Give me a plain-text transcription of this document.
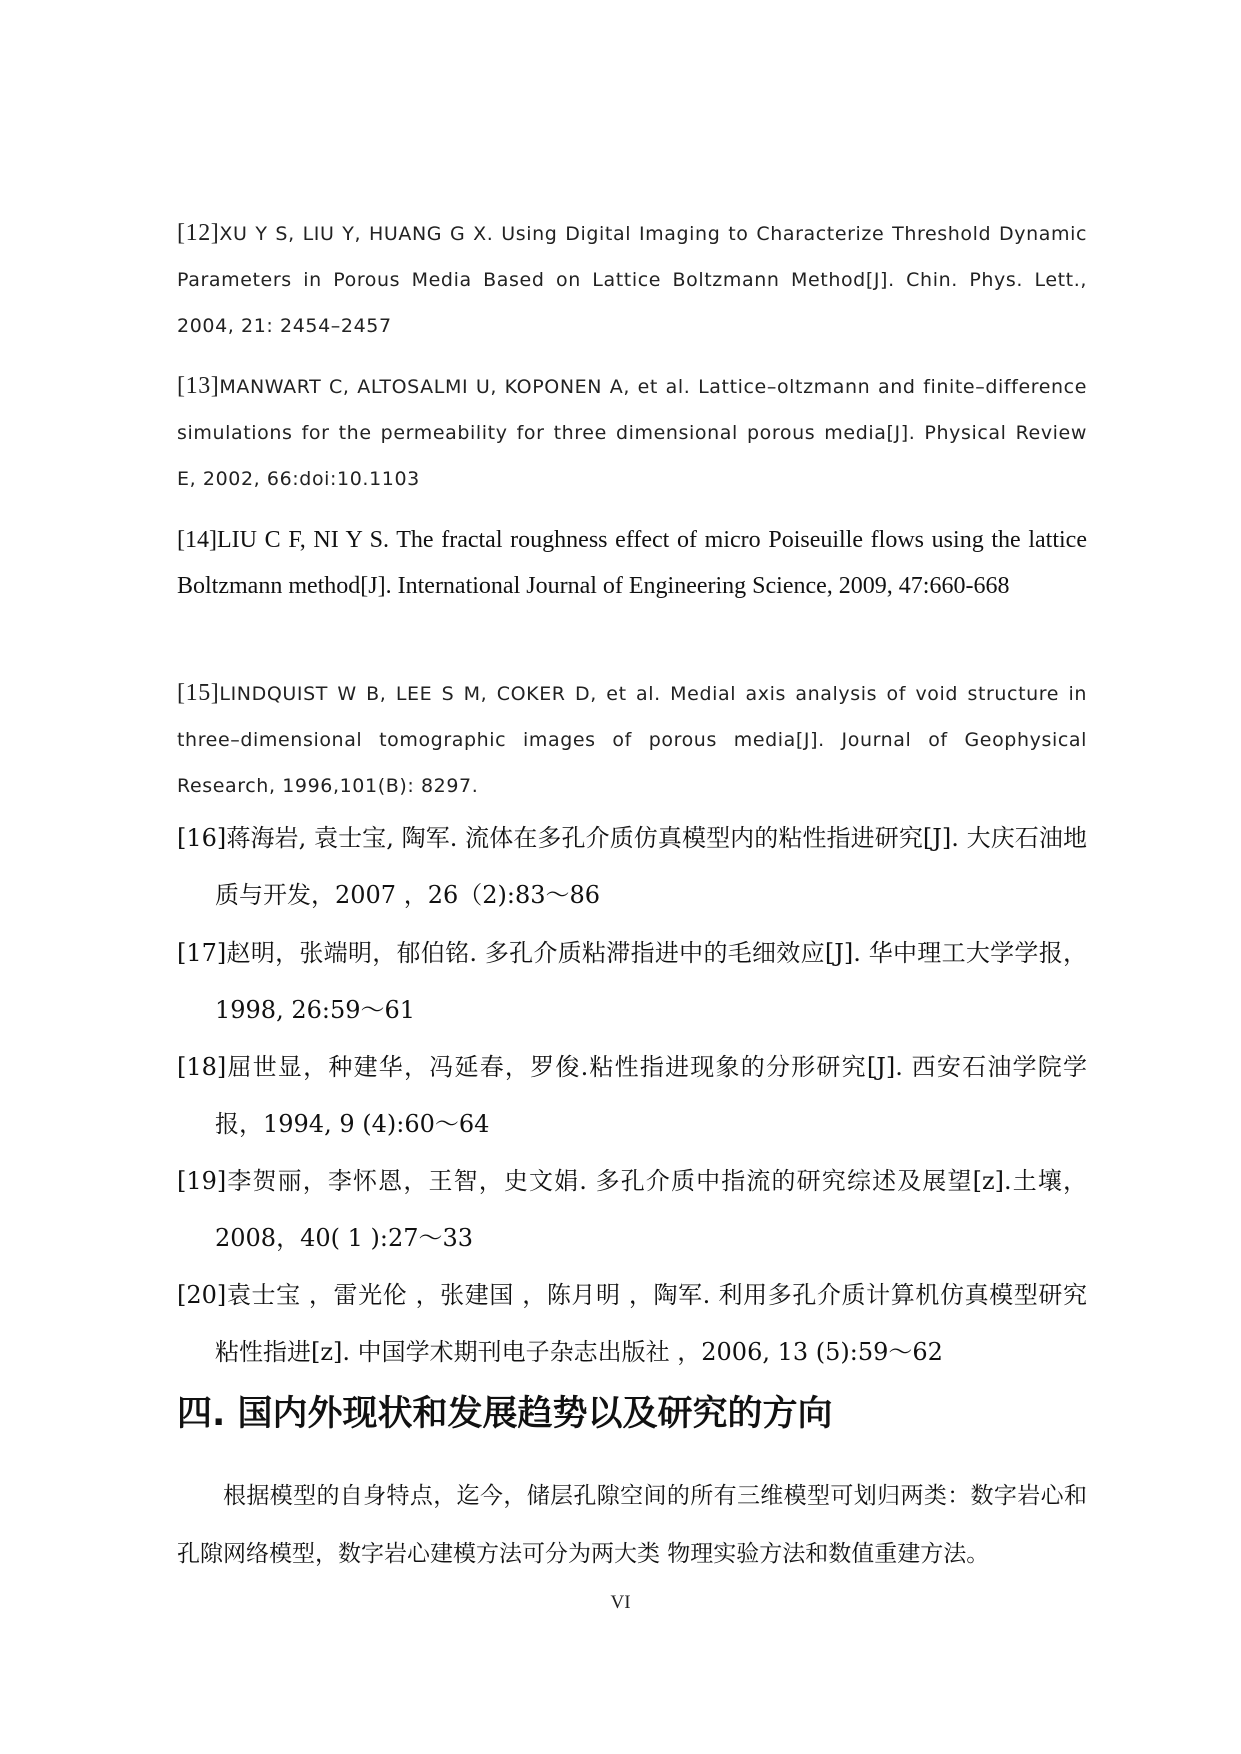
[12]XU Y S, LIU Y, HUANG G X. Using Digital Imaging to Characterize Threshold Dynamic Parameters in Porous Media Based on Lattice Boltzmann Method[J]. Chin. Phys. Lett., 2004, 21: 2454–2457

[13]MANWART C, ALTOSALMI U, KOPONEN A, et al. Lattice–oltzmann and finite–difference simulations for the permeability for three dimensional porous media[J]. Physical Review E, 2002, 66:doi:10.1103

[14]LIU C F, NI Y S. The fractal roughness effect of micro Poiseuille flows using the lattice Boltzmann method[J]. International Journal of Engineering Science, 2009, 47:660-668

[15]LINDQUIST W B, LEE S M, COKER D, et al. Medial axis analysis of void structure in three–dimensional tomographic images of porous media[J]. Journal of Geophysical Research, 1996,101(B): 8297.

[16]蒋海岩, 袁士宝, 陶军. 流体在多孔介质仿真模型内的粘性指进研究[J]. 大庆石油地质与开发，2007 ，26（2):83～86

[17]赵明，张端明，郁伯铭. 多孔介质粘滞指进中的毛细效应[J]. 华中理工大学学报，1998, 26:59～61

[18]屈世显，种建华，冯延春，罗俊.粘性指进现象的分形研究[J]. 西安石油学院学报，1994, 9 (4):60～64

[19]李贺丽，李怀恩，王智，史文娟. 多孔介质中指流的研究综述及展望[z].土壤，2008，40( 1 ):27～33

[20]袁士宝 ，雷光伦 ，张建国 ，陈月明 ，陶军. 利用多孔介质计算机仿真模型研究粘性指进[z]. 中国学术期刊电子杂志出版社 ，2006, 13 (5):59～62

四. 国内外现状和发展趋势以及研究的方向

根据模型的自身特点，迄今，储层孔隙空间的所有三维模型可划归两类：数字岩心和孔隙网络模型，数字岩心建模方法可分为两大类 物理实验方法和数值重建方法。

VI
